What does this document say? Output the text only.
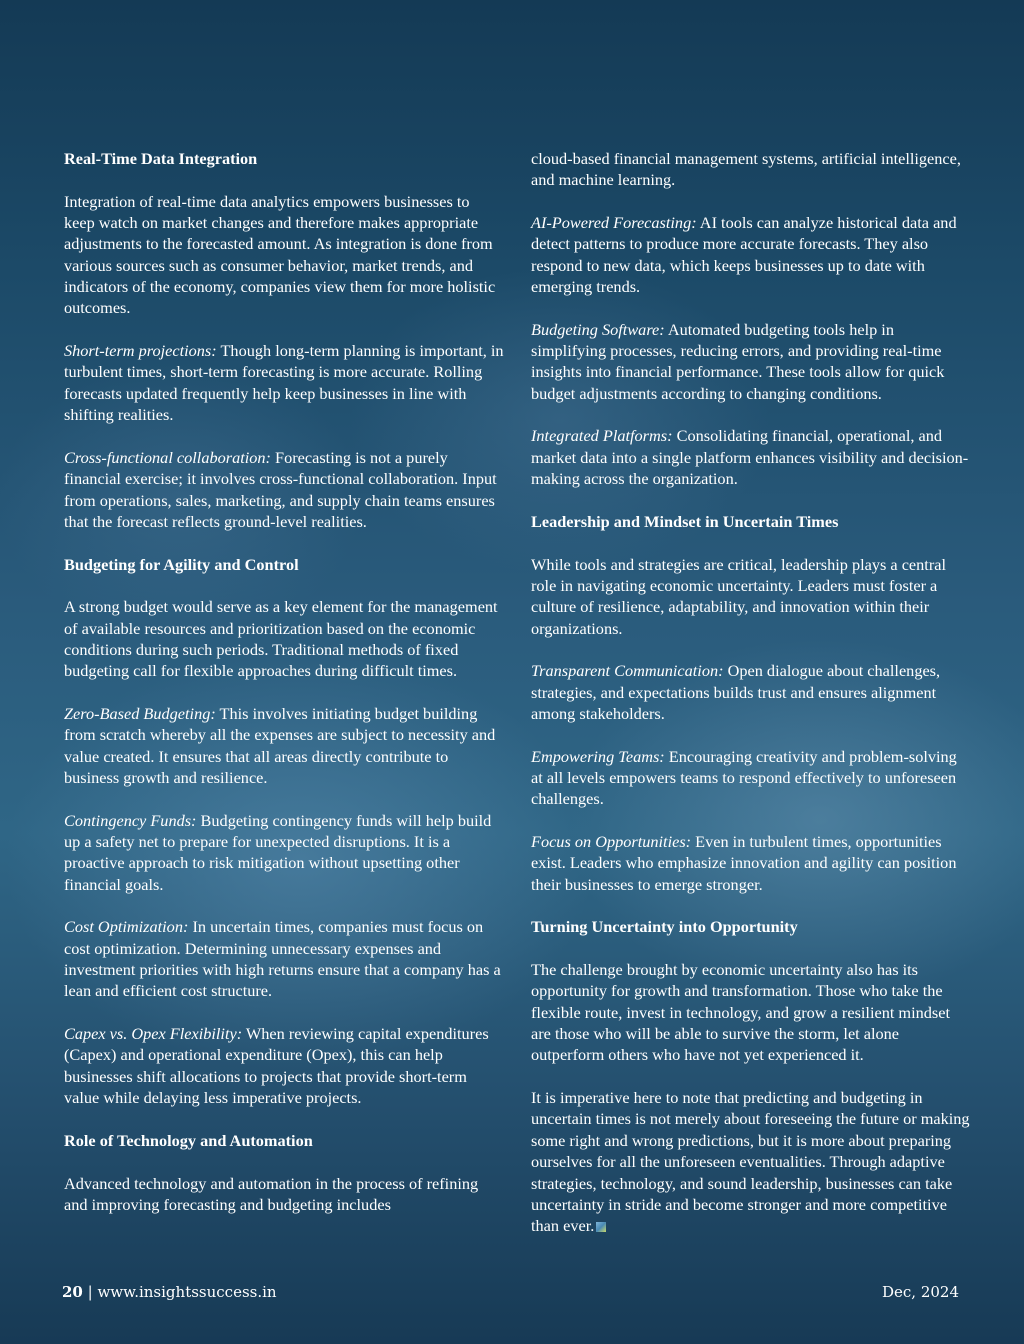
Real-Time Data Integration

Integration of real-time data analytics empowers businesses to keep watch on market changes and therefore makes appropriate adjustments to the forecasted amount. As integration is done from various sources such as consumer behavior, market trends, and indicators of the economy, companies view them for more holistic outcomes.

Short-term projections: Though long-term planning is important, in turbulent times, short-term forecasting is more accurate. Rolling forecasts updated frequently help keep businesses in line with shifting realities.

Cross-functional collaboration: Forecasting is not a purely financial exercise; it involves cross-functional collaboration. Input from operations, sales, marketing, and supply chain teams ensures that the forecast reflects ground-level realities.

Budgeting for Agility and Control

A strong budget would serve as a key element for the management of available resources and prioritization based on the economic conditions during such periods. Traditional methods of fixed budgeting call for flexible approaches during difficult times.

Zero-Based Budgeting: This involves initiating budget building from scratch whereby all the expenses are subject to necessity and value created. It ensures that all areas directly contribute to business growth and resilience.

Contingency Funds: Budgeting contingency funds will help build up a safety net to prepare for unexpected disruptions. It is a proactive approach to risk mitigation without upsetting other financial goals.

Cost Optimization: In uncertain times, companies must focus on cost optimization. Determining unnecessary expenses and investment priorities with high returns ensure that a company has a lean and efficient cost structure.

Capex vs. Opex Flexibility: When reviewing capital expenditures (Capex) and operational expenditure (Opex), this can help businesses shift allocations to projects that provide short-term value while delaying less imperative projects.

Role of Technology and Automation

Advanced technology and automation in the process of refining and improving forecasting and budgeting includes

cloud-based financial management systems, artificial intelligence, and machine learning.

AI-Powered Forecasting: AI tools can analyze historical data and detect patterns to produce more accurate forecasts. They also respond to new data, which keeps businesses up to date with emerging trends.

Budgeting Software: Automated budgeting tools help in simplifying processes, reducing errors, and providing real-time insights into financial performance. These tools allow for quick budget adjustments according to changing conditions.

Integrated Platforms: Consolidating financial, operational, and market data into a single platform enhances visibility and decision-making across the organization.

Leadership and Mindset in Uncertain Times

While tools and strategies are critical, leadership plays a central role in navigating economic uncertainty. Leaders must foster a culture of resilience, adaptability, and innovation within their organizations.

Transparent Communication: Open dialogue about challenges, strategies, and expectations builds trust and ensures alignment among stakeholders.

Empowering Teams: Encouraging creativity and problem-solving at all levels empowers teams to respond effectively to unforeseen challenges.

Focus on Opportunities: Even in turbulent times, opportunities exist. Leaders who emphasize innovation and agility can position their businesses to emerge stronger.

Turning Uncertainty into Opportunity

The challenge brought by economic uncertainty also has its opportunity for growth and transformation. Those who take the flexible route, invest in technology, and grow a resilient mindset are those who will be able to survive the storm, let alone outperform others who have not yet experienced it.

It is imperative here to note that predicting and budgeting in uncertain times is not merely about foreseeing the future or making some right and wrong predictions, but it is more about preparing ourselves for all the unforeseen eventualities. Through adaptive strategies, technology, and sound leadership, businesses can take uncertainty in stride and become stronger and more competitive than ever.

20 | www.insightssuccess.in	Dec, 2024
